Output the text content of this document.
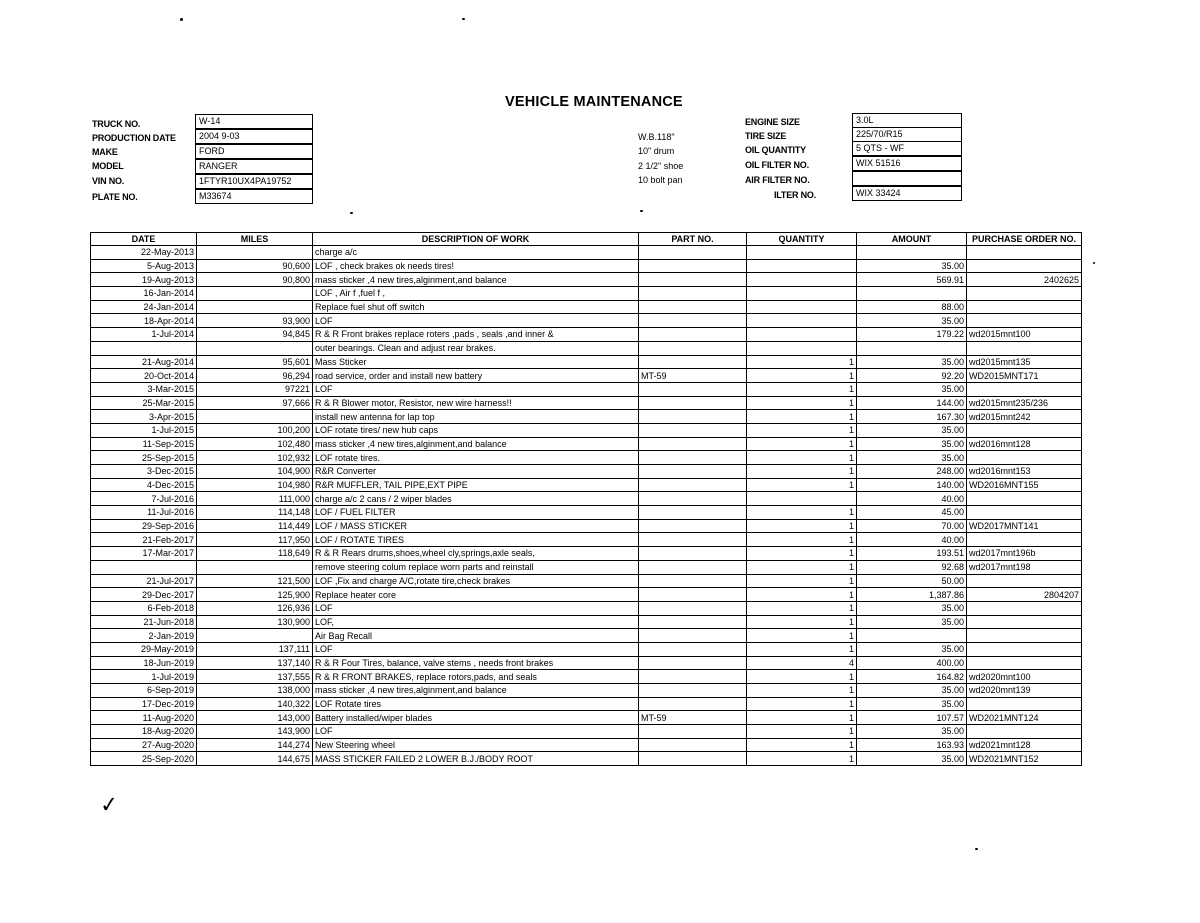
VEHICLE MAINTENANCE
TRUCK NO.	W-14
PRODUCTION DATE	2004 9-03
MAKE	FORD
MODEL	RANGER
VIN NO.	1FTYR10UX4PA19752
PLATE NO.	M33674
W.B.118"
10" drum
2 1/2" shoe
10 bolt pan
ENGINE SIZE	3.0L
TIRE SIZE	225/70/R15
OIL QUANTITY	5 QTS - WF
OIL FILTER NO.	WIX 51516
AIR FILTER NO.
ILTER NO.	WIX 33424
DATE	MILES	DESCRIPTION OF WORK	PART NO.	QUANTITY	AMOUNT	PURCHASE ORDER NO.
22-May-2013		charge a/c				
5-Aug-2013	90,600	LOF , check brakes ok needs tires!			35.00	
19-Aug-2013	90,800	mass sticker ,4 new tires,alginment,and balance			569.91	2402625
16-Jan-2014		LOF , Air f ,fuel f ,				
24-Jan-2014		Replace fuel shut off switch			88.00	
18-Apr-2014	93,900	LOF			35.00	
1-Jul-2014	94,845	R & R Front brakes replace roters ,pads , seals ,and inner &			179.22	wd2015mnt100
		outer bearings. Clean and adjust rear brakes.				
21-Aug-2014	95,601	Mass Sticker		1	35.00	wd2015mnt135
20-Oct-2014	96,294	road service, order and install new battery	MT-59	1	92.20	WD2015MNT171
3-Mar-2015	97221	LOF		1	35.00	
25-Mar-2015	97,666	R & R Blower motor, Resistor, new wire harness!!		1	144.00	wd2015mnt235/236
3-Apr-2015		install new antenna for lap top		1	167.30	wd2015mnt242
1-Jul-2015	100,200	LOF rotate tires/ new hub caps		1	35.00	
11-Sep-2015	102,480	mass sticker ,4 new tires,alginment,and balance		1	35.00	wd2016mnt128
25-Sep-2015	102,932	LOF rotate tires.		1	35.00	
3-Dec-2015	104,900	R&R Converter		1	248.00	wd2016mnt153
4-Dec-2015	104,980	R&R MUFFLER, TAIL PIPE,EXT PIPE		1	140.00	WD2016MNT155
7-Jul-2016	111,000	charge a/c 2 cans / 2 wiper blades			40.00	
11-Jul-2016	114,148	LOF / FUEL FILTER		1	45.00	
29-Sep-2016	114,449	LOF / MASS STICKER		1	70.00	WD2017MNT141
21-Feb-2017	117,950	LOF / ROTATE TIRES		1	40.00	
17-Mar-2017	118,649	R & R Rears drums,shoes,wheel cly,springs,axle seals,		1	193.51	wd2017mnt196b
		remove steering colum replace worn parts and reinstall		1	92.68	wd2017mnt198
21-Jul-2017	121,500	LOF ,Fix and charge A/C,rotate tire,check brakes		1	50.00	
29-Dec-2017	125,900	Replace heater core		1	1,387.86	2804207
6-Feb-2018	126,936	LOF		1	35.00	
21-Jun-2018	130,900	LOF,		1	35.00	
2-Jan-2019		Air Bag Recall		1		
29-May-2019	137,111	LOF		1	35.00	
18-Jun-2019	137,140	R & R Four Tires, balance, valve stems , needs front brakes		4	400.00	
1-Jul-2019	137,555	R & R FRONT BRAKES, replace rotors,pads, and seals		1	164.82	wd2020mnt100
6-Sep-2019	138,000	mass sticker ,4 new tires,alginment,and balance		1	35.00	wd2020mnt139
17-Dec-2019	140,322	LOF Rotate tires		1	35.00	
11-Aug-2020	143,000	Battery installed/wiper blades	MT-59	1	107.57	WD2021MNT124
18-Aug-2020	143,900	LOF		1	35.00	
27-Aug-2020	144,274	New Steering wheel		1	163.93	wd2021mnt128
25-Sep-2020	144,675	MASS STICKER FAILED 2 LOWER B.J./BODY ROOT		1	35.00	WD2021MNT152
✓
